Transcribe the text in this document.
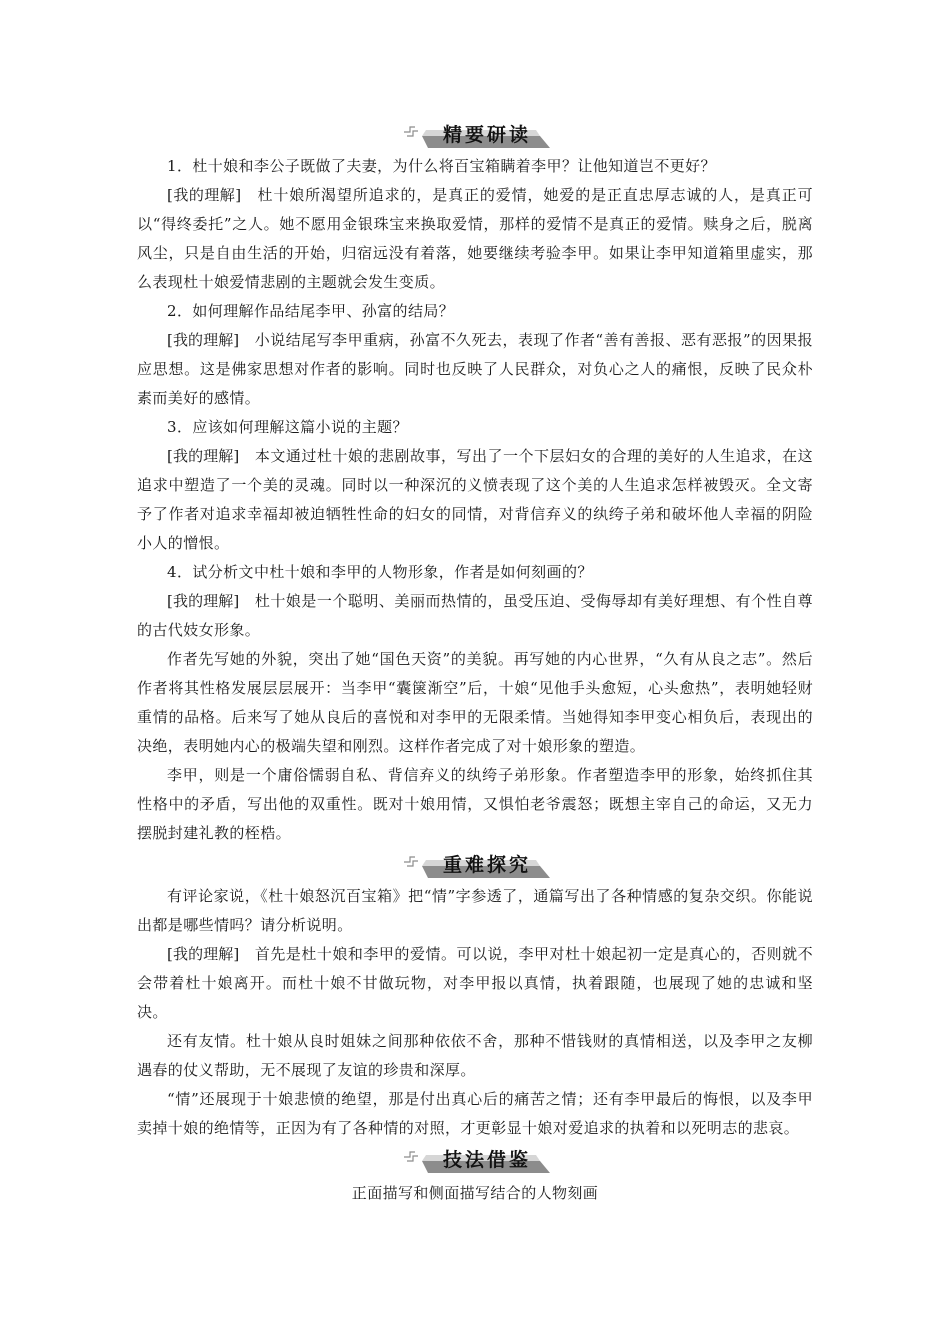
精要研读

1．杜十娘和李公子既做了夫妻，为什么将百宝箱瞒着李甲？让他知道岂不更好？

[我的理解]　 杜十娘所渴望所追求的，是真正的爱情，她爱的是正直忠厚志诚的人，是真正可以“得终委托”之人。她不愿用金银珠宝来换取爱情，那样的爱情不是真正的爱情。赎身之后，脱离风尘，只是自由生活的开始，归宿远没有着落，她要继续考验李甲。如果让李甲知道箱里虚实，那么表现杜十娘爱情悲剧的主题就会发生变质。

2．如何理解作品结尾李甲、孙富的结局？

[我的理解]　 小说结尾写李甲重病，孙富不久死去，表现了作者“善有善报、恶有恶报”的因果报应思想。这是佛家思想对作者的影响。同时也反映了人民群众，对负心之人的痛恨，反映了民众朴素而美好的感情。

3．应该如何理解这篇小说的主题？

[我的理解]　 本文通过杜十娘的悲剧故事，写出了一个下层妇女的合理的美好的人生追求，在这追求中塑造了一个美的灵魂。同时以一种深沉的义愤表现了这个美的人生追求怎样被毁灭。全文寄予了作者对追求幸福却被迫牺牲性命的妇女的同情，对背信弃义的纨绔子弟和破坏他人幸福的阴险小人的憎恨。

4．试分析文中杜十娘和李甲的人物形象，作者是如何刻画的？

[我的理解]　 杜十娘是一个聪明、美丽而热情的，虽受压迫、受侮辱却有美好理想、有个性自尊的古代妓女形象。

作者先写她的外貌，突出了她“国色天资”的美貌。再写她的内心世界，“久有从良之志”。然后作者将其性格发展层层展开：当李甲“囊箧渐空”后，十娘“见他手头愈短，心头愈热”，表明她轻财重情的品格。后来写了她从良后的喜悦和对李甲的无限柔情。当她得知李甲变心相负后，表现出的决绝，表明她内心的极端失望和刚烈。这样作者完成了对十娘形象的塑造。

李甲，则是一个庸俗懦弱自私、背信弃义的纨绔子弟形象。作者塑造李甲的形象，始终抓住其性格中的矛盾，写出他的双重性。既对十娘用情，又惧怕老爷震怒；既想主宰自己的命运，又无力摆脱封建礼教的桎梏。

重难探究

有评论家说，《杜十娘怒沉百宝箱》把“情”字参透了，通篇写出了各种情感的复杂交织。你能说出都是哪些情吗？请分析说明。

[我的理解]　 首先是杜十娘和李甲的爱情。可以说，李甲对杜十娘起初一定是真心的，否则就不会带着杜十娘离开。而杜十娘不甘做玩物，对李甲报以真情，执着跟随，也展现了她的忠诚和坚决。

还有友情。杜十娘从良时姐妹之间那种依依不舍，那种不惜钱财的真情相送，以及李甲之友柳遇春的仗义帮助，无不展现了友谊的珍贵和深厚。

“情”还展现于十娘悲愤的绝望，那是付出真心后的痛苦之情；还有李甲最后的悔恨，以及李甲卖掉十娘的绝情等，正因为有了各种情的对照，才更彰显十娘对爱追求的执着和以死明志的悲哀。

技法借鉴

正面描写和侧面描写结合的人物刻画
